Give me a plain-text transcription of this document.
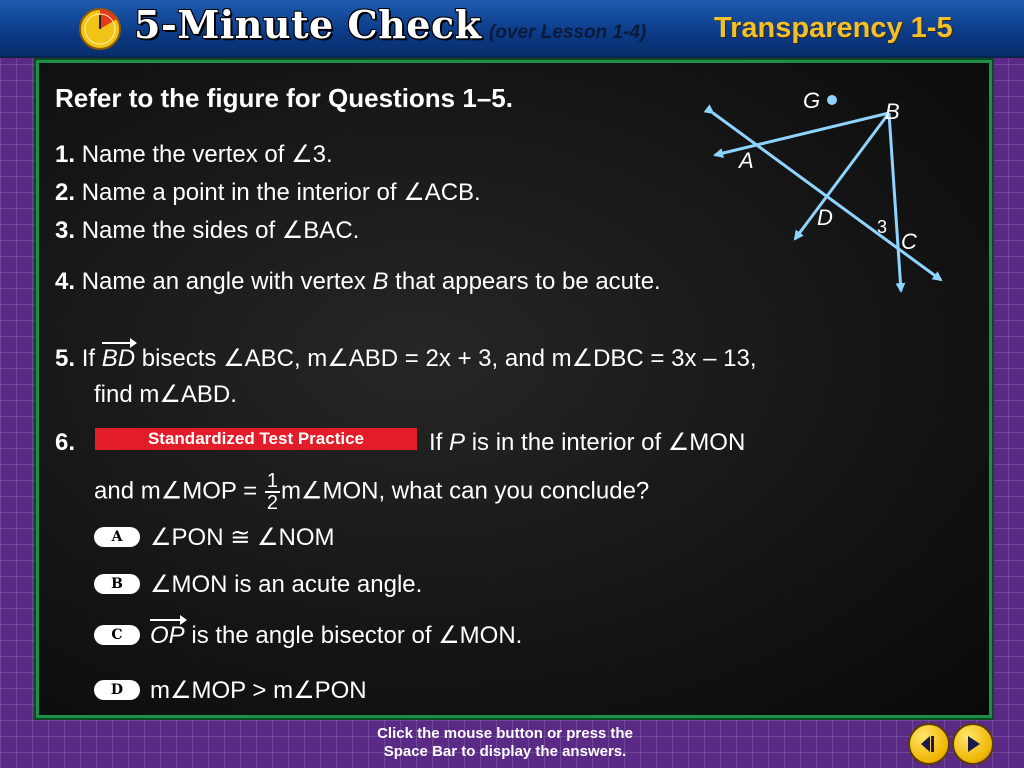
5-Minute Check (over Lesson 1-4) Transparency 1-5
Refer to the figure for Questions 1–5.
1. Name the vertex of ∠3.
2. Name a point in the interior of ∠ACB.
3. Name the sides of ∠BAC.
4. Name an angle with vertex B that appears to be acute.
5. If BD bisects ∠ABC, m∠ABD = 2x + 3, and m∠DBC = 3x – 13,
find m∠ABD.
6.	Standardized Test Practice	If P is in the interior of ∠MON
and m∠MOP = $\frac{1}{2}$ m∠MON, what can you conclude?
A ∠PON ≅ ∠NOM
B ∠MON is an acute angle.
C OP is the angle bisector of ∠MON.
D m∠MOP > m∠PON
G	B
A
D 3
C
Click the mouse button or press the
Space Bar to display the answers.
